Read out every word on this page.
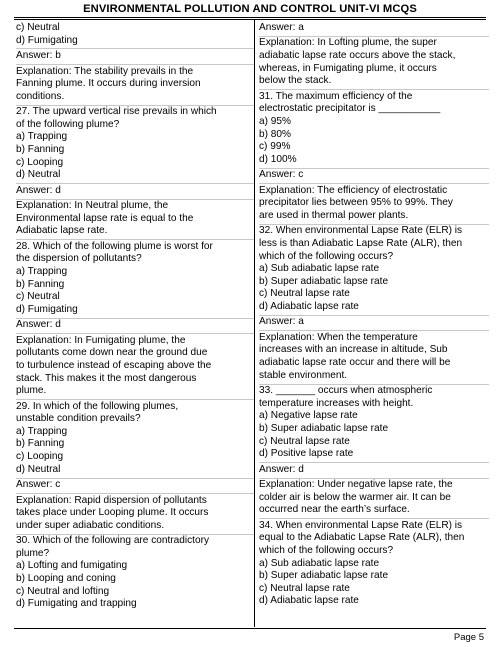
ENVIRONMENTAL POLLUTION AND CONTROL UNIT-VI MCQS
c) Neutral
d) Fumigating
Answer: b
Explanation: The stability prevails in the
Fanning plume. It occurs during inversion
conditions.
27. The upward vertical rise prevails in which
of the following plume?
a) Trapping
b) Fanning
c) Looping
d) Neutral
Answer: d
Explanation: In Neutral plume, the
Environmental lapse rate is equal to the
Adiabatic lapse rate.
28. Which of the following plume is worst for
the dispersion of pollutants?
a) Trapping
b) Fanning
c) Neutral
d) Fumigating
Answer: d
Explanation: In Fumigating plume, the
pollutants come down near the ground due
to turbulence instead of escaping above the
stack. This makes it the most dangerous
plume.
29. In which of the following plumes,
unstable condition prevails?
a) Trapping
b) Fanning
c) Looping
d) Neutral
Answer: c
Explanation: Rapid dispersion of pollutants
takes place under Looping plume. It occurs
under super adiabatic conditions.
30. Which of the following are contradictory
plume?
a) Lofting and fumigating
b) Looping and coning
c) Neutral and lofting
d) Fumigating and trapping
Answer: a
Explanation: In Lofting plume, the super
adiabatic lapse rate occurs above the stack,
whereas, in Fumigating plume, it occurs
below the stack.
31. The maximum efficiency of the
electrostatic precipitator is ___________
a) 95%
b) 80%
c) 99%
d) 100%
Answer: c
Explanation: The efficiency of electrostatic
precipitator lies between 95% to 99%. They
are used in thermal power plants.
32. When environmental Lapse Rate (ELR) is
less is than Adiabatic Lapse Rate (ALR), then
which of the following occurs?
a) Sub adiabatic lapse rate
b) Super adiabatic lapse rate
c) Neutral lapse rate
d) Adiabatic lapse rate
Answer: a
Explanation: When the temperature
increases with an increase in altitude, Sub
adiabatic lapse rate occur and there will be
stable environment.
33. _______ occurs when atmospheric
temperature increases with height.
a) Negative lapse rate
b) Super adiabatic lapse rate
c) Neutral lapse rate
d) Positive lapse rate
Answer: d
Explanation: Under negative lapse rate, the
colder air is below the warmer air. It can be
occurred near the earth’s surface.
34. When environmental Lapse Rate (ELR) is
equal to the Adiabatic Lapse Rate (ALR), then
which of the following occurs?
a) Sub adiabatic lapse rate
b) Super adiabatic lapse rate
c) Neutral lapse rate
d) Adiabatic lapse rate
Page 5
